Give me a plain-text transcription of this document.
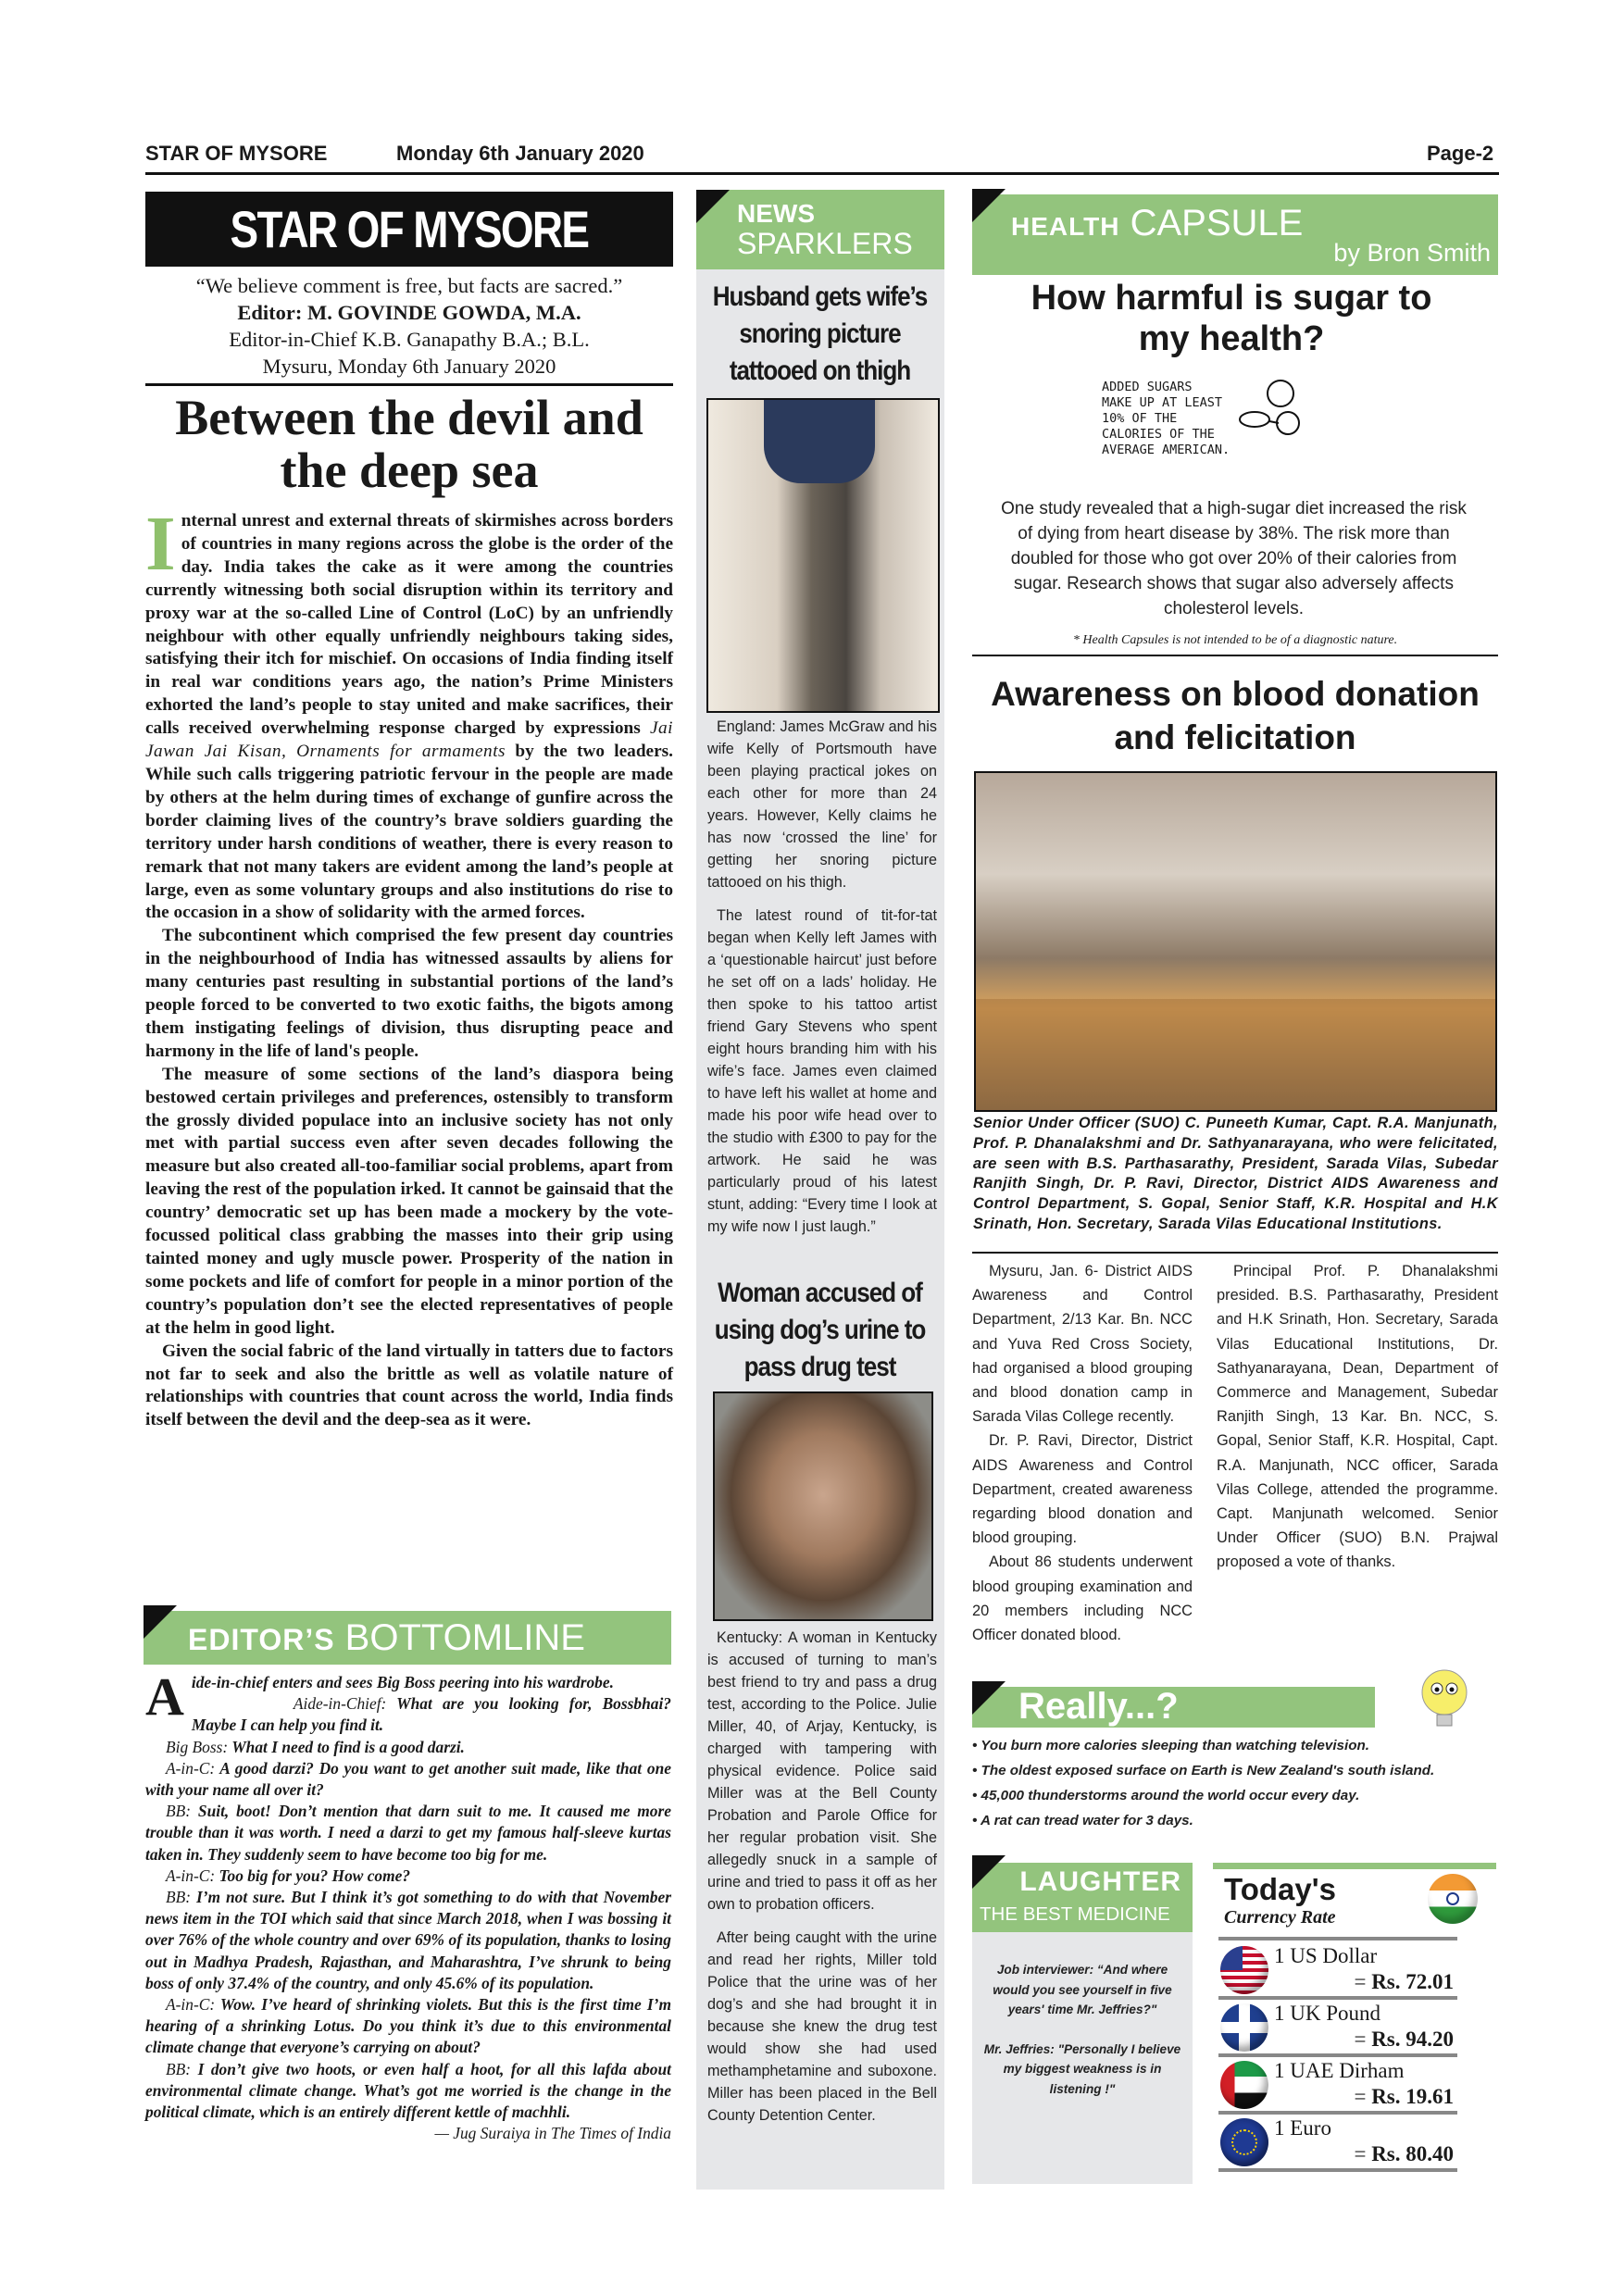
STAR OF MYSORE	Monday 6th January 2020	Page-2
STAR OF MYSORE
“We believe comment is free, but facts are sacred.”
Editor: M. GOVINDE GOWDA, M.A.
Editor-in-Chief K.B. Ganapathy B.A.; B.L.
Mysuru, Monday 6th January 2020
Between the devil and the deep sea

Internal unrest and external threats of skirmishes across borders of countries in many regions across the globe is the order of the day. India takes the cake as it were among the countries currently witnessing both social disruption within its territory and proxy war at the so-called Line of Control (LoC) by an unfriendly neighbour with other equally unfriendly neighbours taking sides, satisfying their itch for mischief. On occasions of India finding itself in real war conditions years ago, the nation’s Prime Ministers exhorted the land’s people to stay united and make sacrifices, their calls received overwhelming response charged by expressions Jai Jawan Jai Kisan, Ornaments for armaments by the two leaders. While such calls triggering patriotic fervour in the people are made by others at the helm during times of exchange of gunfire across the border claiming lives of the country’s brave soldiers guarding the territory under harsh conditions of weather, there is every reason to remark that not many takers are evident among the land’s people at large, even as some voluntary groups and also institutions do rise to the occasion in a show of solidarity with the armed forces.

The subcontinent which comprised the few present day countries in the neighbourhood of India has witnessed assaults by aliens for many centuries past resulting in substantial portions of the land’s people forced to be converted to two exotic faiths, the bigots among them instigating feelings of division, thus disrupting peace and harmony in the life of land's people.

The measure of some sections of the land’s diaspora being bestowed certain privileges and preferences, ostensibly to transform the grossly divided populace into an inclusive society has not only met with partial success even after seven decades following the measure but also created all-too-familiar social problems, apart from leaving the rest of the population irked. It cannot be gainsaid that the country’ democratic set up has been made a mockery by the vote-focussed political class grabbing the masses into their grip using tainted money and ugly muscle power. Prosperity of the nation in some pockets and life of comfort for people in a minor portion of the country’s population don’t see the elected representatives of people at the helm in good light.

Given the social fabric of the land virtually in tatters due to factors not far to seek and also the brittle as well as volatile nature of relationships with countries that count across the world, India finds itself between the devil and the deep-sea as it were.

EDITOR’S BOTTOMLINE
Aide-in-chief enters and sees Big Boss peering into his wardrobe.

Aide-in-Chief: What are you looking for, Bossbhai? Maybe I can help you find it.

Big Boss: What I need to find is a good darzi.

A-in-C: A good darzi? Do you want to get another suit made, like that one with your name all over it?

BB: Suit, boot! Don’t mention that darn suit to me. It caused me more trouble than it was worth. I need a darzi to get my famous half-sleeve kurtas taken in. They suddenly seem to have become too big for me.

A-in-C: Too big for you? How come?

BB: I’m not sure. But I think it’s got something to do with that November news item in the TOI which said that since March 2018, when I was bossing it over 76% of the whole country and over 69% of its population, thanks to losing out in Madhya Pradesh, Rajasthan, and Maharashtra, I’ve shrunk to being boss of only 37.4% of the country, and only 45.6% of its population.

A-in-C: Wow. I’ve heard of shrinking violets. But this is the first time I’m hearing of a shrinking Lotus. Do you think it’s due to this environmental climate change that everyone’s carrying on about?

BB: I don’t give two hoots, or even half a hoot, for all this lafda about environmental climate change. What’s got me worried is the change in the political climate, which is an entirely different kettle of machhli.

— Jug Suraiya in The Times of India
NEWS
SPARKLERS
Husband gets wife’s snoring picture tattooed on thigh

England: James McGraw and his wife Kelly of Portsmouth have been playing practical jokes on each other for more than 24 years. However, Kelly claims he has now ‘crossed the line’ for getting her snoring picture tattooed on his thigh.

The latest round of tit-for-tat began when Kelly left James with a ‘questionable haircut’ just before he set off on a lads’ holiday. He then spoke to his tattoo artist friend Gary Stevens who spent eight hours branding him with his wife’s face. James even claimed to have left his wallet at home and made his poor wife head over to the studio with £300 to pay for the artwork. He said he was particularly proud of his latest stunt, adding: “Every time I look at my wife now I just laugh.”

Woman accused of using dog’s urine to pass drug test

Kentucky: A woman in Kentucky is accused of turning to man’s best friend to try and pass a drug test, according to the Police. Julie Miller, 40, of Arjay, Kentucky, is charged with tampering with physical evidence. Police said Miller was at the Bell County Probation and Parole Office for her regular probation visit. She allegedly snuck in a sample of urine and tried to pass it off as her own to probation officers.

After being caught with the urine and read her rights, Miller told Police that the urine was of her dog’s and she had brought it in because she knew the drug test would show she had used methamphetamine and suboxone. Miller has been placed in the Bell County Detention Center.

HEALTH CAPSULE
by Bron Smith
How harmful is sugar to my health?
ADDED SUGARS
MAKE UP AT LEAST
10% OF THE
CALORIES OF THE
AVERAGE AMERICAN.
One study revealed that a high-sugar diet increased the risk of dying from heart disease by 38%. The risk more than doubled for those who got over 20% of their calories from sugar. Research shows that sugar also adversely affects cholesterol levels.
* Health Capsules is not intended to be of a diagnostic nature.
Awareness on blood donation and felicitation
Senior Under Officer (SUO) C. Puneeth Kumar, Capt. R.A. Manjunath, Prof. P. Dhanalakshmi and Dr. Sathyanarayana, who were felicitated, are seen with B.S. Parthasarathy, President, Sarada Vilas, Subedar Ranjith Singh, Dr. P. Ravi, Director, District AIDS Awareness and Control Department, S. Gopal, Senior Staff, K.R. Hospital and H.K Srinath, Hon. Secretary, Sarada Vilas Educational Institutions.

Mysuru, Jan. 6- District AIDS Awareness and Control Department, 2/13 Kar. Bn. NCC and Yuva Red Cross Society, had organised a blood grouping and blood donation camp in Sarada Vilas College recently.

Dr. P. Ravi, Director, District AIDS Awareness and Control Department, created awareness regarding blood donation and blood grouping.

About 86 students underwent blood grouping examination and 20 members including NCC Officer donated blood.

Principal Prof. P. Dhanalakshmi presided. B.S. Parthasarathy, President and H.K Srinath, Hon. Secretary, Sarada Vilas Educational Institutions, Dr. Sathyanarayana, Dean, Department of Commerce and Management, Subedar Ranjith Singh, 13 Kar. Bn. NCC, S. Gopal, Senior Staff, K.R. Hospital, Capt. R.A. Manjunath, NCC officer, Sarada Vilas College, attended the programme. Capt. Manjunath welcomed. Senior Under Officer (SUO) B.N. Prajwal proposed a vote of thanks.

Really...?
• You burn more calories sleeping than watching television.
• The oldest exposed surface on Earth is New Zealand's south island.
• 45,000 thunderstorms around the world occur every day.
• A rat can tread water for 3 days.
LAUGHTER
THE BEST MEDICINE

Job interviewer: “And where would you see yourself in five years' time Mr. Jeffries?"

Mr. Jeffries: "Personally I believe my biggest weakness is in listening !"

Today's
Currency Rate
1 US Dollar
= Rs. 72.01
1 UK Pound
= Rs. 94.20
1 UAE Dirham
= Rs. 19.61
1 Euro
= Rs. 80.40
